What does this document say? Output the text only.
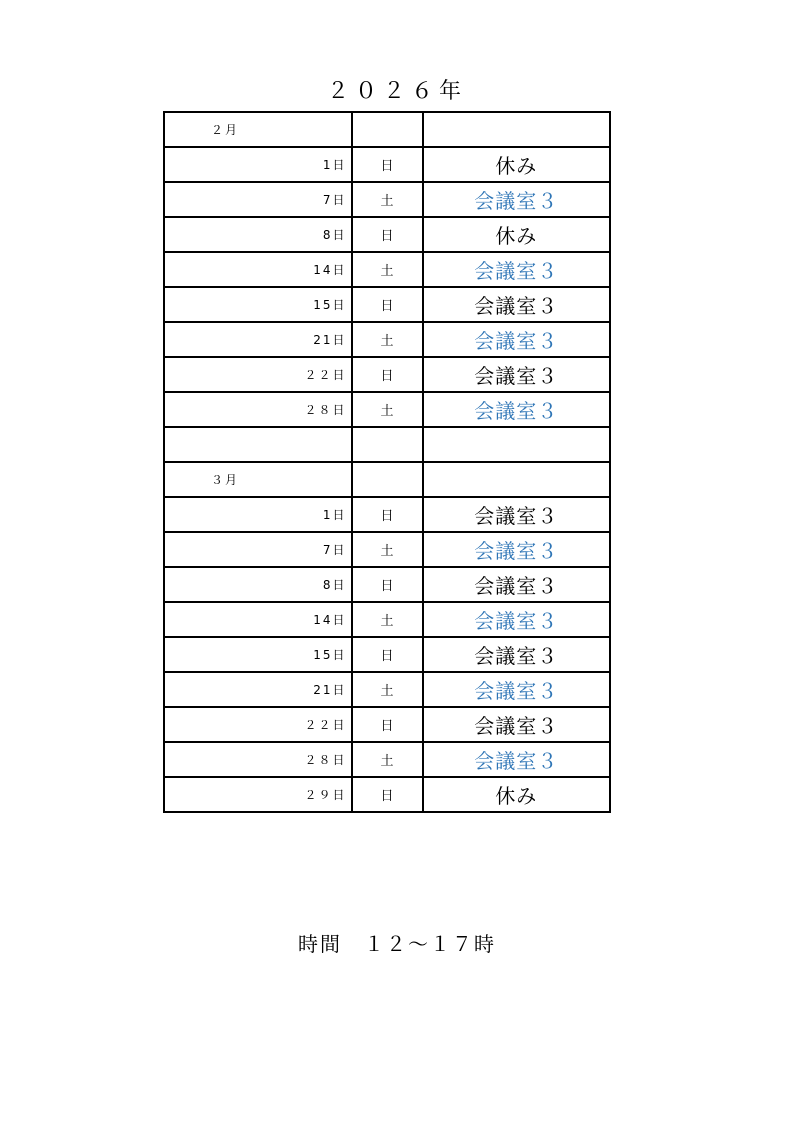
２０２６年
２月		
1日	日	休み
7日	土	会議室３
8日	日	休み
14日	土	会議室３
15日	日	会議室３
21日	土	会議室３
２２日	日	会議室３
２８日	土	会議室３

３月		
1日	日	会議室３
7日	土	会議室３
8日	日	会議室３
14日	土	会議室３
15日	日	会議室３
21日	土	会議室３
２２日	日	会議室３
２８日	土	会議室３
２９日	日	休み
時間　１２〜１７時
